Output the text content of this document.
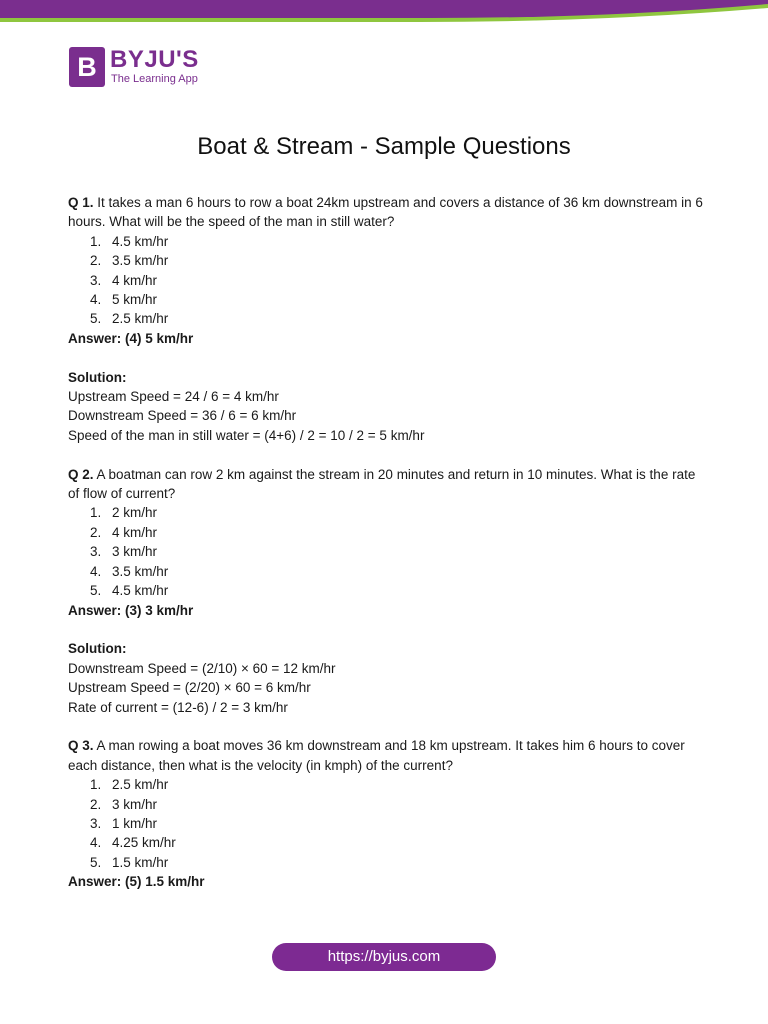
B BYJU'S
The Learning App
Boat & Stream - Sample Questions

Q 1. It takes a man 6 hours to row a boat 24km upstream and covers a distance of 36 km downstream in 6 hours. What will be the speed of the man in still water?

1. 4.5 km/hr
2. 3.5 km/hr
3. 4 km/hr
4. 5 km/hr
5. 2.5 km/hr

Answer: (4) 5 km/hr

Solution:

Upstream Speed = 24 / 6 = 4 km/hr

Downstream Speed = 36 / 6 = 6 km/hr

Speed of the man in still water = (4+6) / 2 = 10 / 2 = 5 km/hr

Q 2. A boatman can row 2 km against the stream in 20 minutes and return in 10 minutes. What is the rate of flow of current?

1. 2 km/hr
2. 4 km/hr
3. 3 km/hr
4. 3.5 km/hr
5. 4.5 km/hr

Answer: (3) 3 km/hr

Solution:

Downstream Speed = (2/10) × 60 = 12 km/hr

Upstream Speed = (2/20) × 60 = 6 km/hr

Rate of current = (12-6) / 2 = 3 km/hr

Q 3. A man rowing a boat moves 36 km downstream and 18 km upstream. It takes him 6 hours to cover each distance, then what is the velocity (in kmph) of the current?

1. 2.5 km/hr
2. 3 km/hr
3. 1 km/hr
4. 4.25 km/hr
5. 1.5 km/hr

Answer: (5) 1.5 km/hr

https://byjus.com
